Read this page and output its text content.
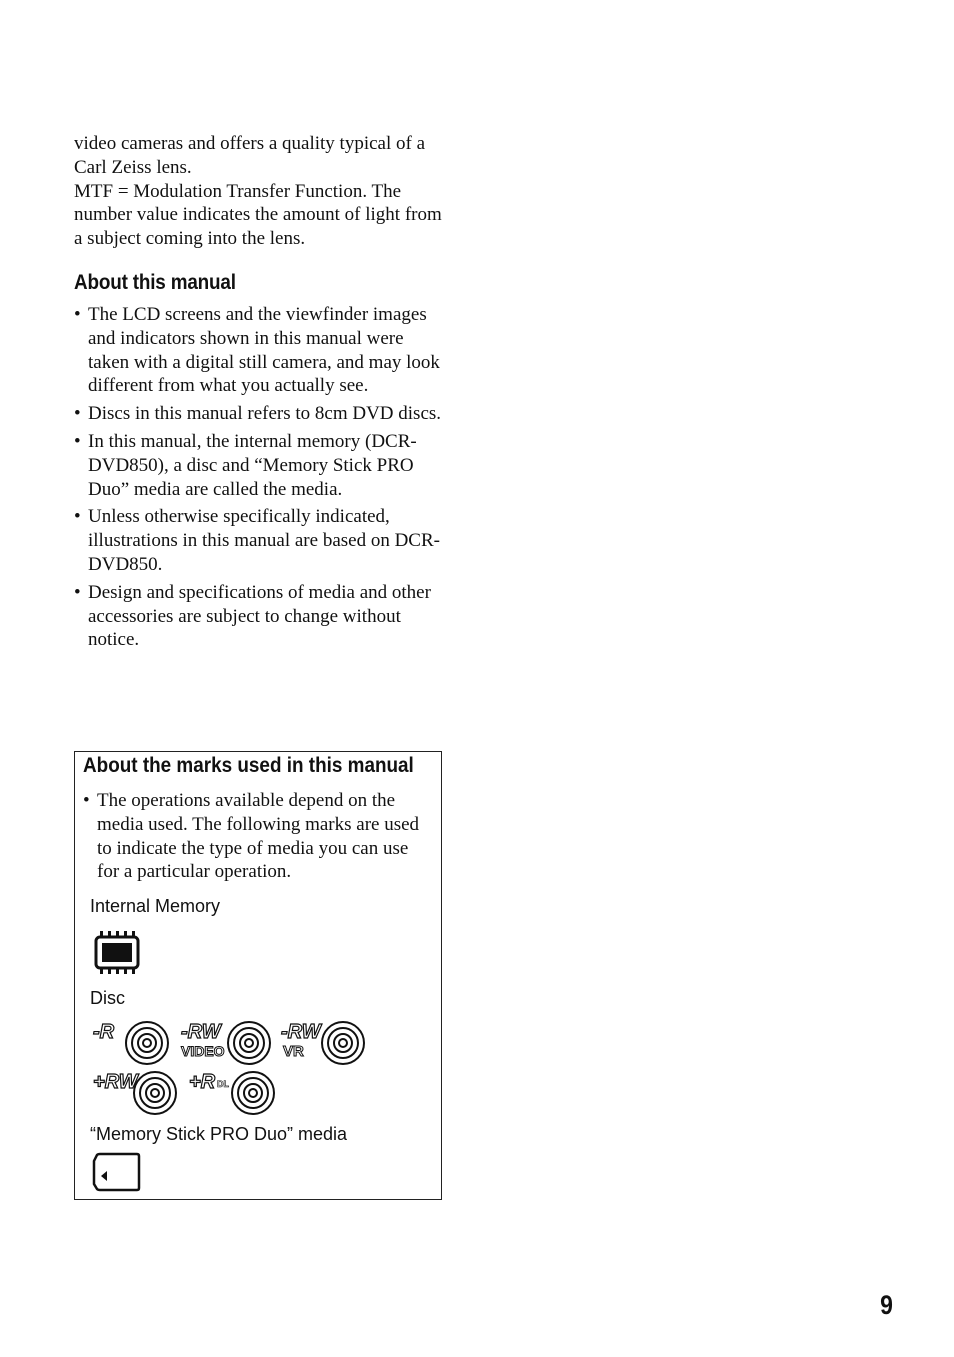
video cameras and offers a quality typical of a Carl Zeiss lens.

MTF = Modulation Transfer Function. The number value indicates the amount of light from a subject coming into the lens.

About this manual
• The LCD screens and the viewfinder images and indicators shown in this manual were taken with a digital still camera, and may look different from what you actually see.
• Discs in this manual refers to 8cm DVD discs.
• In this manual, the internal memory (DCR-DVD850), a disc and “Memory Stick PRO Duo” media are called the media.
• Unless otherwise specifically indicated, illustrations in this manual are based on DCR-DVD850.
• Design and specifications of media and other accessories are subject to change without notice.
About the marks used in this manual
• The operations available depend on the media used. The following marks are used to indicate the type of media you can use for a particular operation.
Internal Memory
Disc
-R	-RW
VIDEO
-RW
VR
+RW	+R DL
“Memory Stick PRO Duo” media
9
